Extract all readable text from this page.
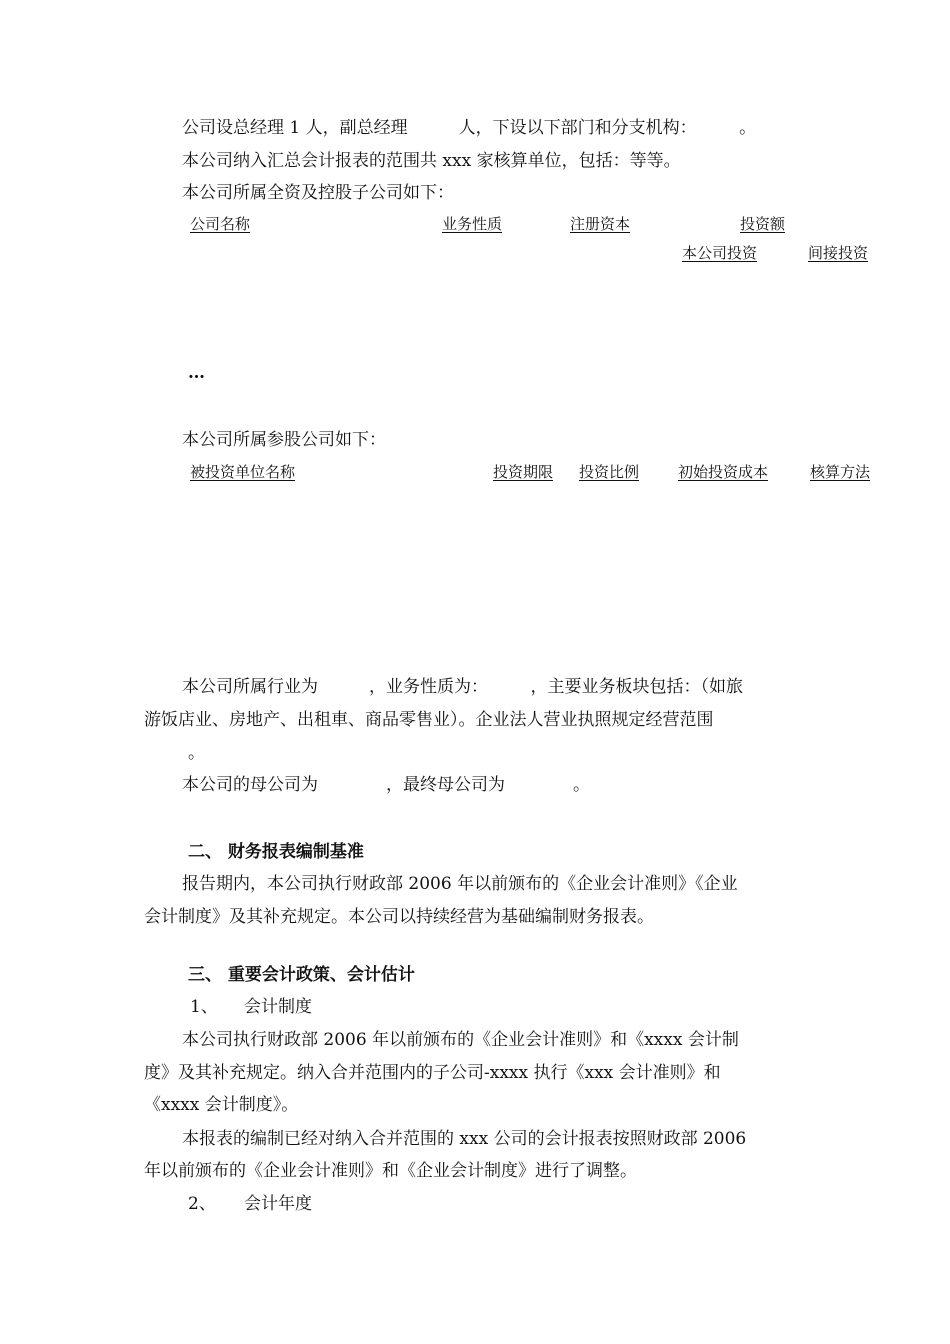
公司设总经理 1 人，副总经理　　　人，下设以下部门和分支机构：　　　。
本公司纳入汇总会计报表的范围共 xxx 家核算单位，包括：等等。
本公司所属全资及控股子公司如下：
公司名称	业务性质	注册资本	投资额
本公司投资	间接投资
…
本公司所属参股公司如下：
被投资单位名称	投资期限 投资比例	初始投资成本	核算方法
本公司所属行业为　　　，业务性质为：　　　，主要业务板块包括：（如旅
游饭店业、房地产、出租車、商品零售业）。企业法人营业执照规定经营范围
。
本公司的母公司为　　　　，最终母公司为　　　　。
二、 财务报表编制基准
报告期内，本公司执行财政部 2006 年以前颁布的《企业会计准则》《企业
会计制度》及其补充规定。本公司以持续经营为基础编制财务报表。
三、 重要会计政策、会计估计
1、 会计制度
本公司执行财政部 2006 年以前颁布的《企业会计准则》和《xxxx 会计制
度》及其补充规定。纳入合并范围内的子公司-xxxx 执行《xxx 会计准则》和
《xxxx 会计制度》。
本报表的编制已经对纳入合并范围的 xxx 公司的会计报表按照财政部 2006
年以前颁布的《企业会计准则》和《企业会计制度》进行了调整。
2、 会计年度
